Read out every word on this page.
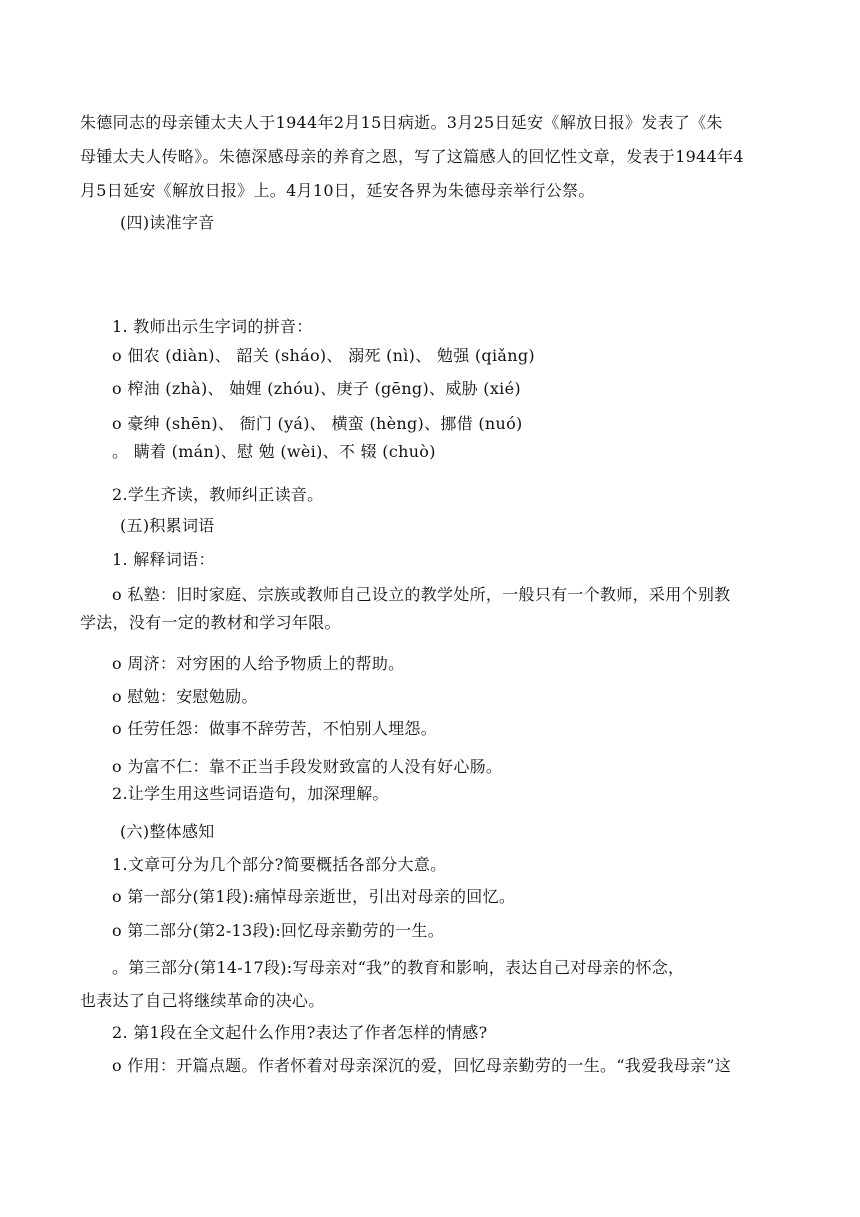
朱德同志的母亲锺太夫人于1944年2月15日病逝。3月25日延安《解放日报》发表了《朱
母锺太夫人传略》。朱德深感母亲的养育之恩，写了这篇感人的回忆性文章，发表于1944年4
月5日延安《解放日报》上。4月10日，延安各界为朱德母亲举行公祭。
(四)读准字音
1. 教师出示生字词的拼音：
o 佃农 (diàn)、 韶关 (sháo)、 溺死 (nì)、 勉强 (qiǎng)
o 榨油 (zhà)、 妯娌 (zhóu)、庚子 (gēng)、威胁 (xié)
o 豪绅 (shēn)、 衙门 (yá)、 横蛮 (hèng)、挪借 (nuó)
。 瞒着 (mán)、慰 勉 (wèi)、不 辍 (chuò)
2.学生齐读，教师纠正读音。
(五)积累词语
1. 解释词语：
o 私塾：旧时家庭、宗族或教师自己设立的教学处所，一般只有一个教师，采用个别教
学法，没有一定的教材和学习年限。
o 周济：对穷困的人给予物质上的帮助。
o 慰勉：安慰勉励。
o 任劳任怨：做事不辞劳苦，不怕别人埋怨。
o 为富不仁：靠不正当手段发财致富的人没有好心肠。
2.让学生用这些词语造句，加深理解。
(六)整体感知
1.文章可分为几个部分?简要概括各部分大意。
o 第一部分(第1段):痛悼母亲逝世，引出对母亲的回忆。
o 第二部分(第2-13段):回忆母亲勤劳的一生。
。第三部分(第14-17段):写母亲对“我”的教育和影响，表达自己对母亲的怀念，
也表达了自己将继续革命的决心。
2. 第1段在全文起什么作用?表达了作者怎样的情感?
o 作用：开篇点题。作者怀着对母亲深沉的爱，回忆母亲勤劳的一生。“我爱我母亲”这
